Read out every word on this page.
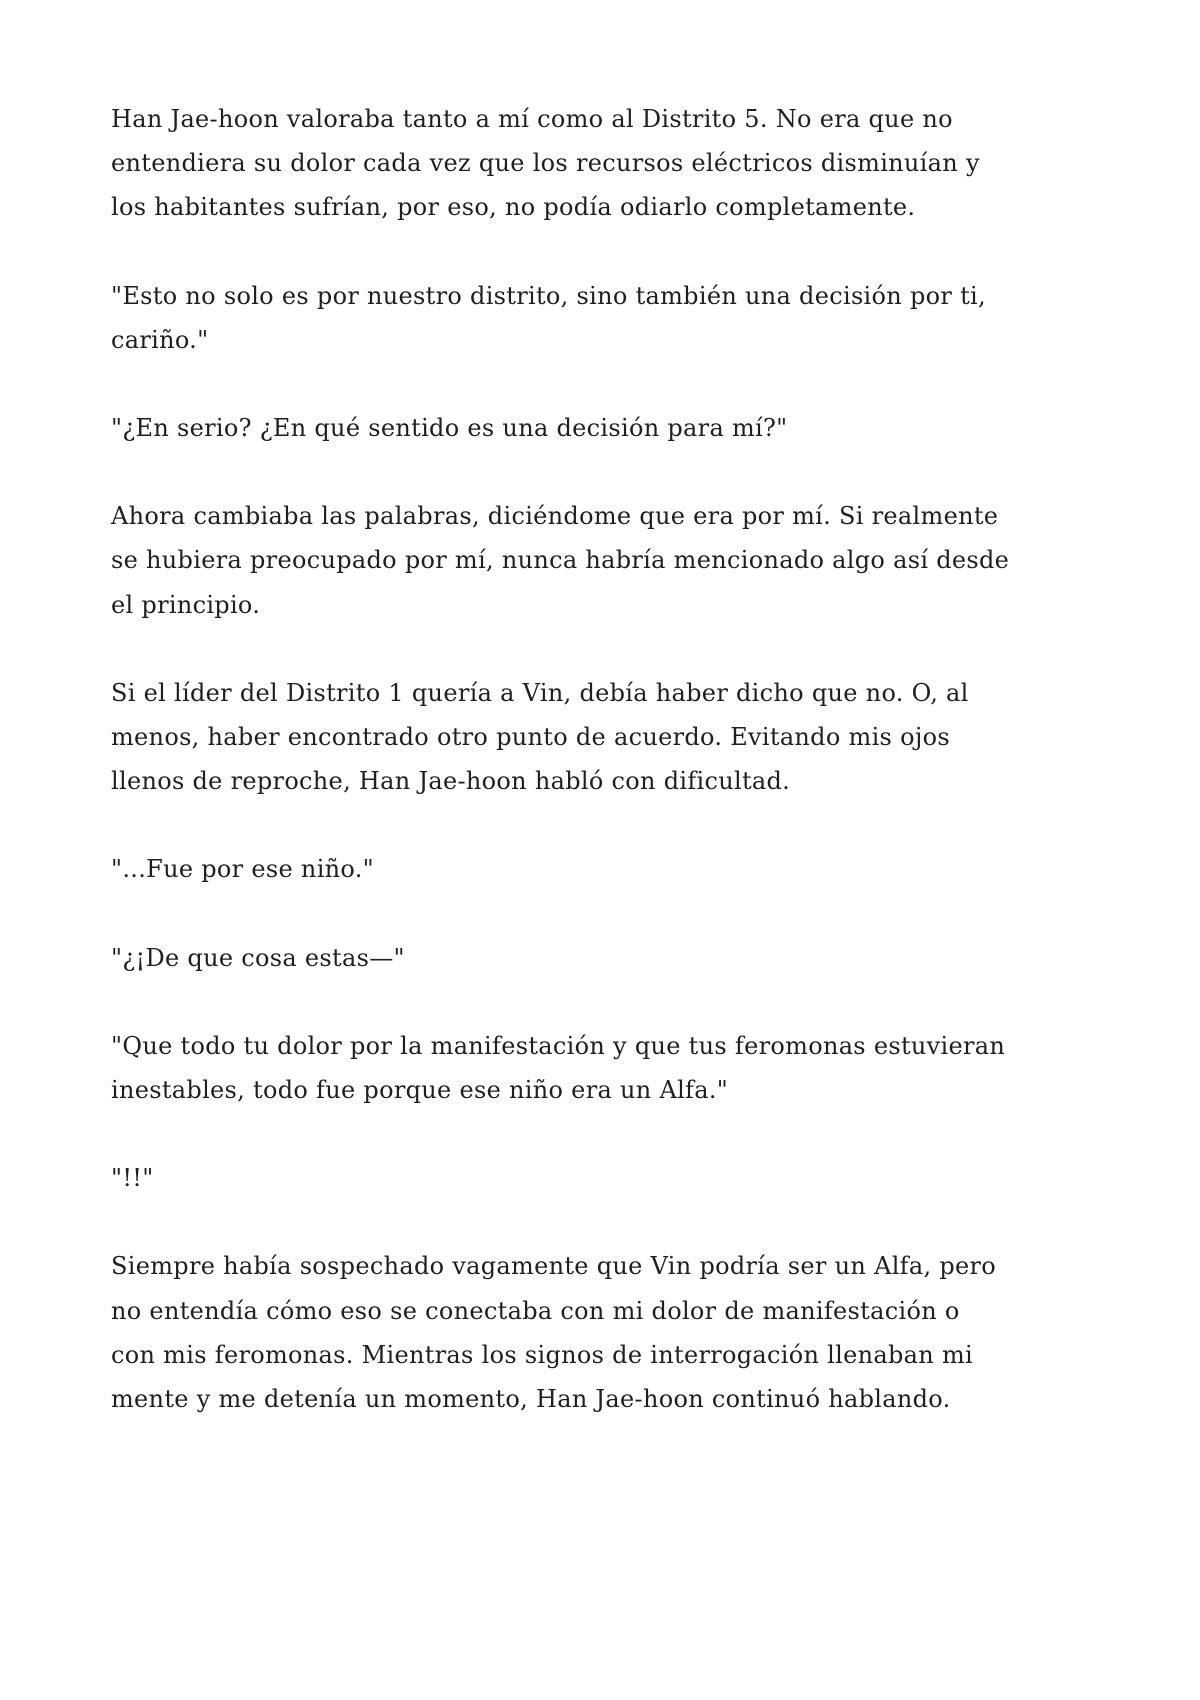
Han Jae-hoon valoraba tanto a mí como al Distrito 5. No era que no entendiera su dolor cada vez que los recursos eléctricos disminuían y los habitantes sufrían, por eso, no podía odiarlo completamente.

"Esto no solo es por nuestro distrito, sino también una decisión por ti, cariño."

"¿En serio? ¿En qué sentido es una decisión para mí?"

Ahora cambiaba las palabras, diciéndome que era por mí. Si realmente se hubiera preocupado por mí, nunca habría mencionado algo así desde el principio.

Si el líder del Distrito 1 quería a Vin, debía haber dicho que no. O, al menos, haber encontrado otro punto de acuerdo. Evitando mis ojos llenos de reproche, Han Jae-hoon habló con dificultad.

"...Fue por ese niño."

"¿¡De que cosa estas—"

"Que todo tu dolor por la manifestación y que tus feromonas estuvieran inestables, todo fue porque ese niño era un Alfa."

"!!"

Siempre había sospechado vagamente que Vin podría ser un Alfa, pero no entendía cómo eso se conectaba con mi dolor de manifestación o con mis feromonas. Mientras los signos de interrogación llenaban mi mente y me detenía un momento, Han Jae-hoon continuó hablando.
